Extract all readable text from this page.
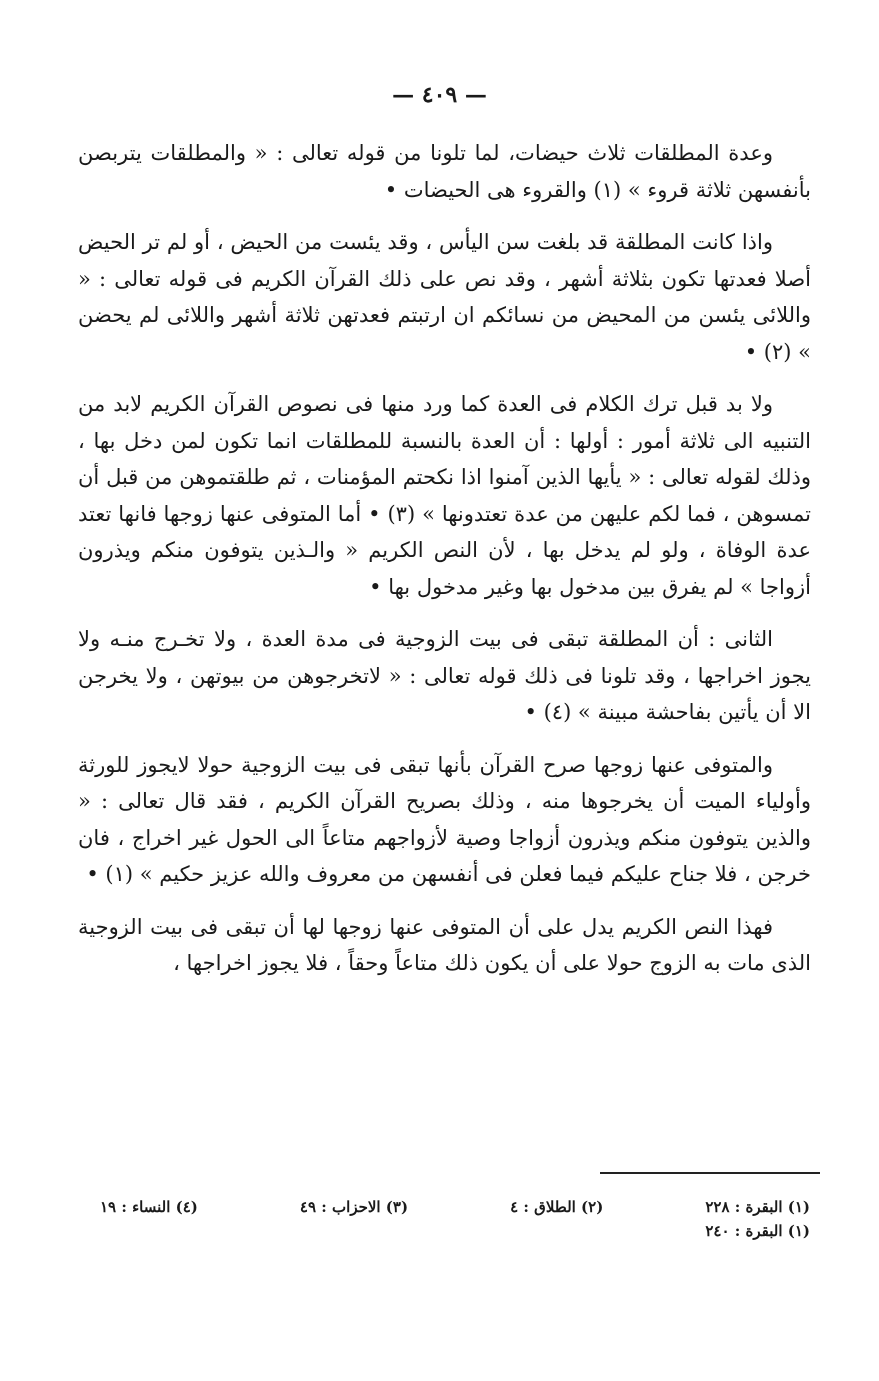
— ٤٠٩ —

وعدة المطلقات ثلاث حيضات، لما تلونا من قوله تعالى : « والمطلقات يتربصن بأنفسهن ثلاثة قروء » (١) والقروء هى الحيضات •

واذا كانت المطلقة قد بلغت سن اليأس ، وقد يئست من الحيض ، أو لم تر الحيض أصلا فعدتها تكون بثلاثة أشهر ، وقد نص على ذلك القرآن الكريم فى قوله تعالى : « واللائى يئسن من المحيض من نسائكم ان ارتبتم فعدتهن ثلاثة أشهر واللائى لم يحضن » (٢) •

ولا بد قبل ترك الكلام فى العدة كما ورد منها فى نصوص القرآن الكريم لابد من التنبيه الى ثلاثة أمور : أولها : أن العدة بالنسبة للمطلقات انما تكون لمن دخل بها ، وذلك لقوله تعالى : « يأيها الذين آمنوا اذا نكحتم المؤمنات ، ثم طلقتموهن من قبل أن تمسوهن ، فما لكم عليهن من عدة تعتدونها » (٣) • أما المتوفى عنها زوجها فانها تعتد عدة الوفاة ، ولو لم يدخل بها ، لأن النص الكريم « والـذين يتوفون منكم ويذرون أزواجا » لم يفرق بين مدخول بها وغير مدخول بها •

الثانى : أن المطلقة تبقى فى بيت الزوجية فى مدة العدة ، ولا تخـرج منـه ولا يجوز اخراجها ، وقد تلونا فى ذلك قوله تعالى : « لاتخرجوهن من بيوتهن ، ولا يخرجن الا أن يأتين بفاحشة مبينة » (٤) •

والمتوفى عنها زوجها صرح القرآن بأنها تبقى فى بيت الزوجية حولا لايجوز للورثة وأولياء الميت أن يخرجوها منه ، وذلك بصريح القرآن الكريم ، فقد قال تعالى : « والذين يتوفون منكم ويذرون أزواجا وصية لأزواجهم متاعاً الى الحول غير اخراج ، فان خرجن ، فلا جناح عليكم فيما فعلن فى أنفسهن من معروف والله عزيز حكيم » (١) •

فهذا النص الكريم يدل على أن المتوفى عنها زوجها لها أن تبقى فى بيت الزوجية الذى مات به الزوج حولا على أن يكون ذلك متاعاً وحقاً ، فلا يجوز اخراجها ،

(١) البقرة : ٢٢٨
(٢) الطلاق : ٤
(٣) الاحزاب : ٤٩
(٤) النساء : ١٩
(١) البقرة : ٢٤٠
